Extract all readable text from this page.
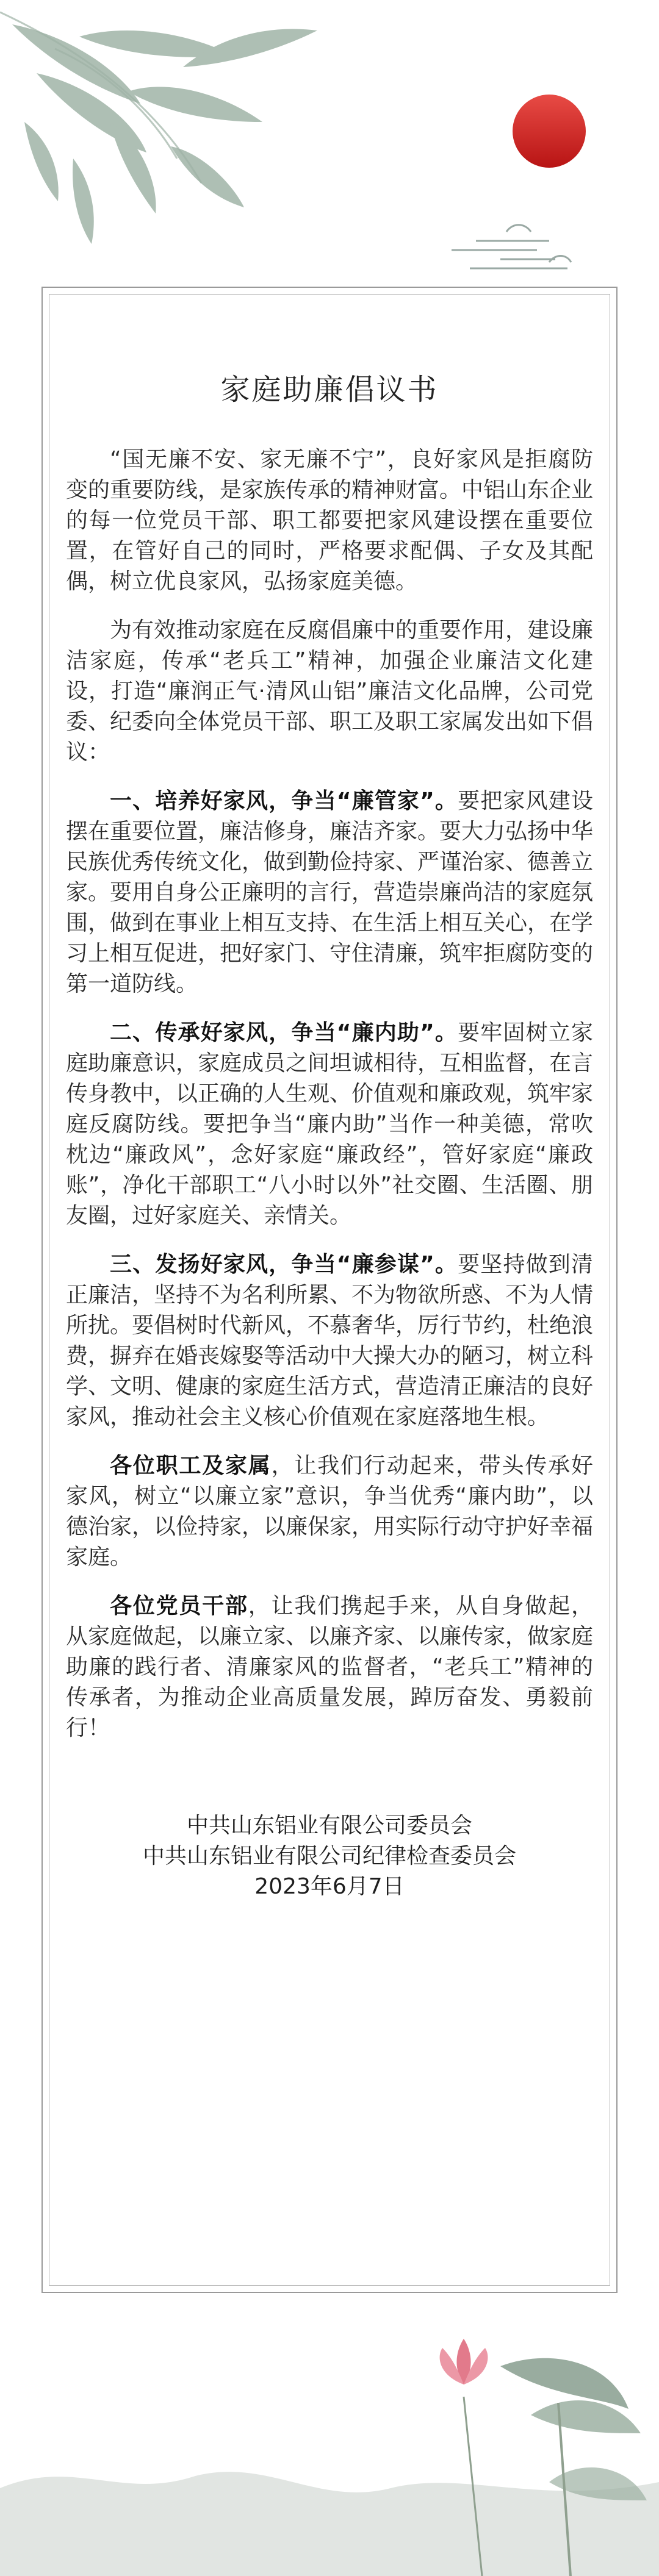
家庭助廉倡议书

“国无廉不安、家无廉不宁”，良好家风是拒腐防变的重要防线，是家族传承的精神财富。中铝山东企业的每一位党员干部、职工都要把家风建设摆在重要位置，在管好自己的同时，严格要求配偶、子女及其配偶，树立优良家风，弘扬家庭美德。

为有效推动家庭在反腐倡廉中的重要作用，建设廉洁家庭，传承“老兵工”精神，加强企业廉洁文化建设，打造“廉润正气·清风山铝”廉洁文化品牌，公司党委、纪委向全体党员干部、职工及职工家属发出如下倡议：

一、培养好家风，争当“廉管家”。要把家风建设摆在重要位置，廉洁修身，廉洁齐家。要大力弘扬中华民族优秀传统文化，做到勤俭持家、严谨治家、德善立家。要用自身公正廉明的言行，营造崇廉尚洁的家庭氛围，做到在事业上相互支持、在生活上相互关心，在学习上相互促进，把好家门、守住清廉，筑牢拒腐防变的第一道防线。

二、传承好家风，争当“廉内助”。要牢固树立家庭助廉意识，家庭成员之间坦诚相待，互相监督，在言传身教中，以正确的人生观、价值观和廉政观，筑牢家庭反腐防线。要把争当“廉内助”当作一种美德，常吹枕边“廉政风”，念好家庭“廉政经”，管好家庭“廉政账”，净化干部职工“八小时以外”社交圈、生活圈、朋友圈，过好家庭关、亲情关。

三、发扬好家风，争当“廉参谋”。要坚持做到清正廉洁，坚持不为名利所累、不为物欲所惑、不为人情所扰。要倡树时代新风，不慕奢华，厉行节约，杜绝浪费，摒弃在婚丧嫁娶等活动中大操大办的陋习，树立科学、文明、健康的家庭生活方式，营造清正廉洁的良好家风，推动社会主义核心价值观在家庭落地生根。

各位职工及家属，让我们行动起来，带头传承好家风，树立“以廉立家”意识，争当优秀“廉内助”，以德治家，以俭持家，以廉保家，用实际行动守护好幸福家庭。

各位党员干部，让我们携起手来，从自身做起，从家庭做起，以廉立家、以廉齐家、以廉传家，做家庭助廉的践行者、清廉家风的监督者，“老兵工”精神的传承者，为推动企业高质量发展，踔厉奋发、勇毅前行！

中共山东铝业有限公司委员会
中共山东铝业有限公司纪律检查委员会
2023年6月7日
